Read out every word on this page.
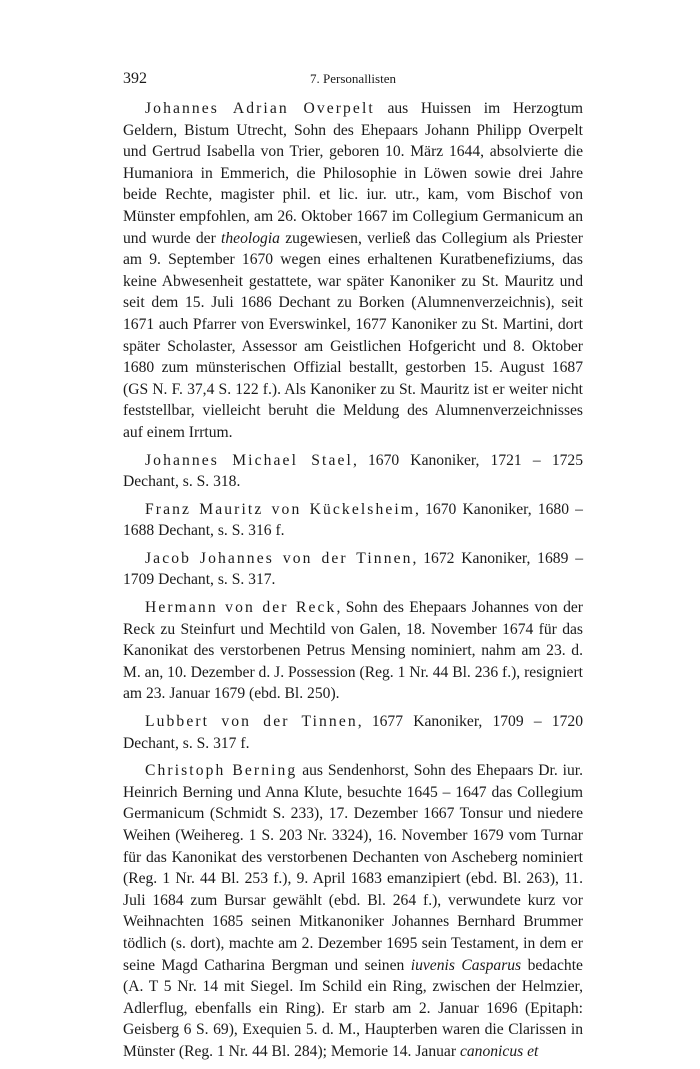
392	7. Personallisten

Johannes Adrian Overpelt aus Huissen im Herzogtum Geldern, Bistum Utrecht, Sohn des Ehepaars Johann Philipp Overpelt und Gertrud Isabella von Trier, geboren 10. März 1644, absolvierte die Humaniora in Emmerich, die Philosophie in Löwen sowie drei Jahre beide Rechte, magister phil. et lic. iur. utr., kam, vom Bischof von Münster empfohlen, am 26. Oktober 1667 im Collegium Germanicum an und wurde der theologia zugewiesen, verließ das Collegium als Priester am 9. September 1670 wegen eines erhaltenen Kuratbenefiziums, das keine Abwesenheit gestattete, war später Kanoniker zu St. Mauritz und seit dem 15. Juli 1686 Dechant zu Borken (Alumnenverzeichnis), seit 1671 auch Pfarrer von Everswinkel, 1677 Kanoniker zu St. Martini, dort später Scholaster, Assessor am Geistlichen Hofgericht und 8. Oktober 1680 zum münsterischen Offizial bestallt, gestorben 15. August 1687 (GS N. F. 37,4 S. 122 f.). Als Kanoniker zu St. Mauritz ist er weiter nicht feststellbar, vielleicht beruht die Meldung des Alumnenverzeichnisses auf einem Irrtum.

Johannes Michael Stael, 1670 Kanoniker, 1721 – 1725 Dechant, s. S. 318.

Franz Mauritz von Kückelsheim, 1670 Kanoniker, 1680 – 1688 Dechant, s. S. 316 f.

Jacob Johannes von der Tinnen, 1672 Kanoniker, 1689 – 1709 Dechant, s. S. 317.

Hermann von der Reck, Sohn des Ehepaars Johannes von der Reck zu Steinfurt und Mechtild von Galen, 18. November 1674 für das Kanonikat des verstorbenen Petrus Mensing nominiert, nahm am 23. d. M. an, 10. Dezember d. J. Possession (Reg. 1 Nr. 44 Bl. 236 f.), resigniert am 23. Januar 1679 (ebd. Bl. 250).

Lubbert von der Tinnen, 1677 Kanoniker, 1709 – 1720 Dechant, s. S. 317 f.

Christoph Berning aus Sendenhorst, Sohn des Ehepaars Dr. iur. Heinrich Berning und Anna Klute, besuchte 1645 – 1647 das Collegium Germanicum (Schmidt S. 233), 17. Dezember 1667 Tonsur und niedere Weihen (Weihereg. 1 S. 203 Nr. 3324), 16. November 1679 vom Turnar für das Kanonikat des verstorbenen Dechanten von Ascheberg nominiert (Reg. 1 Nr. 44 Bl. 253 f.), 9. April 1683 emanzipiert (ebd. Bl. 263), 11. Juli 1684 zum Bursar gewählt (ebd. Bl. 264 f.), verwundete kurz vor Weihnachten 1685 seinen Mitkanoniker Johannes Bernhard Brummer tödlich (s. dort), machte am 2. Dezember 1695 sein Testament, in dem er seine Magd Catharina Bergman und seinen iuvenis Casparus bedachte (A. T 5 Nr. 14 mit Siegel. Im Schild ein Ring, zwischen der Helmzier, Adlerflug, ebenfalls ein Ring). Er starb am 2. Januar 1696 (Epitaph: Geisberg 6 S. 69), Exequien 5. d. M., Haupterben waren die Clarissen in Münster (Reg. 1 Nr. 44 Bl. 284); Memorie 14. Januar canonicus et
